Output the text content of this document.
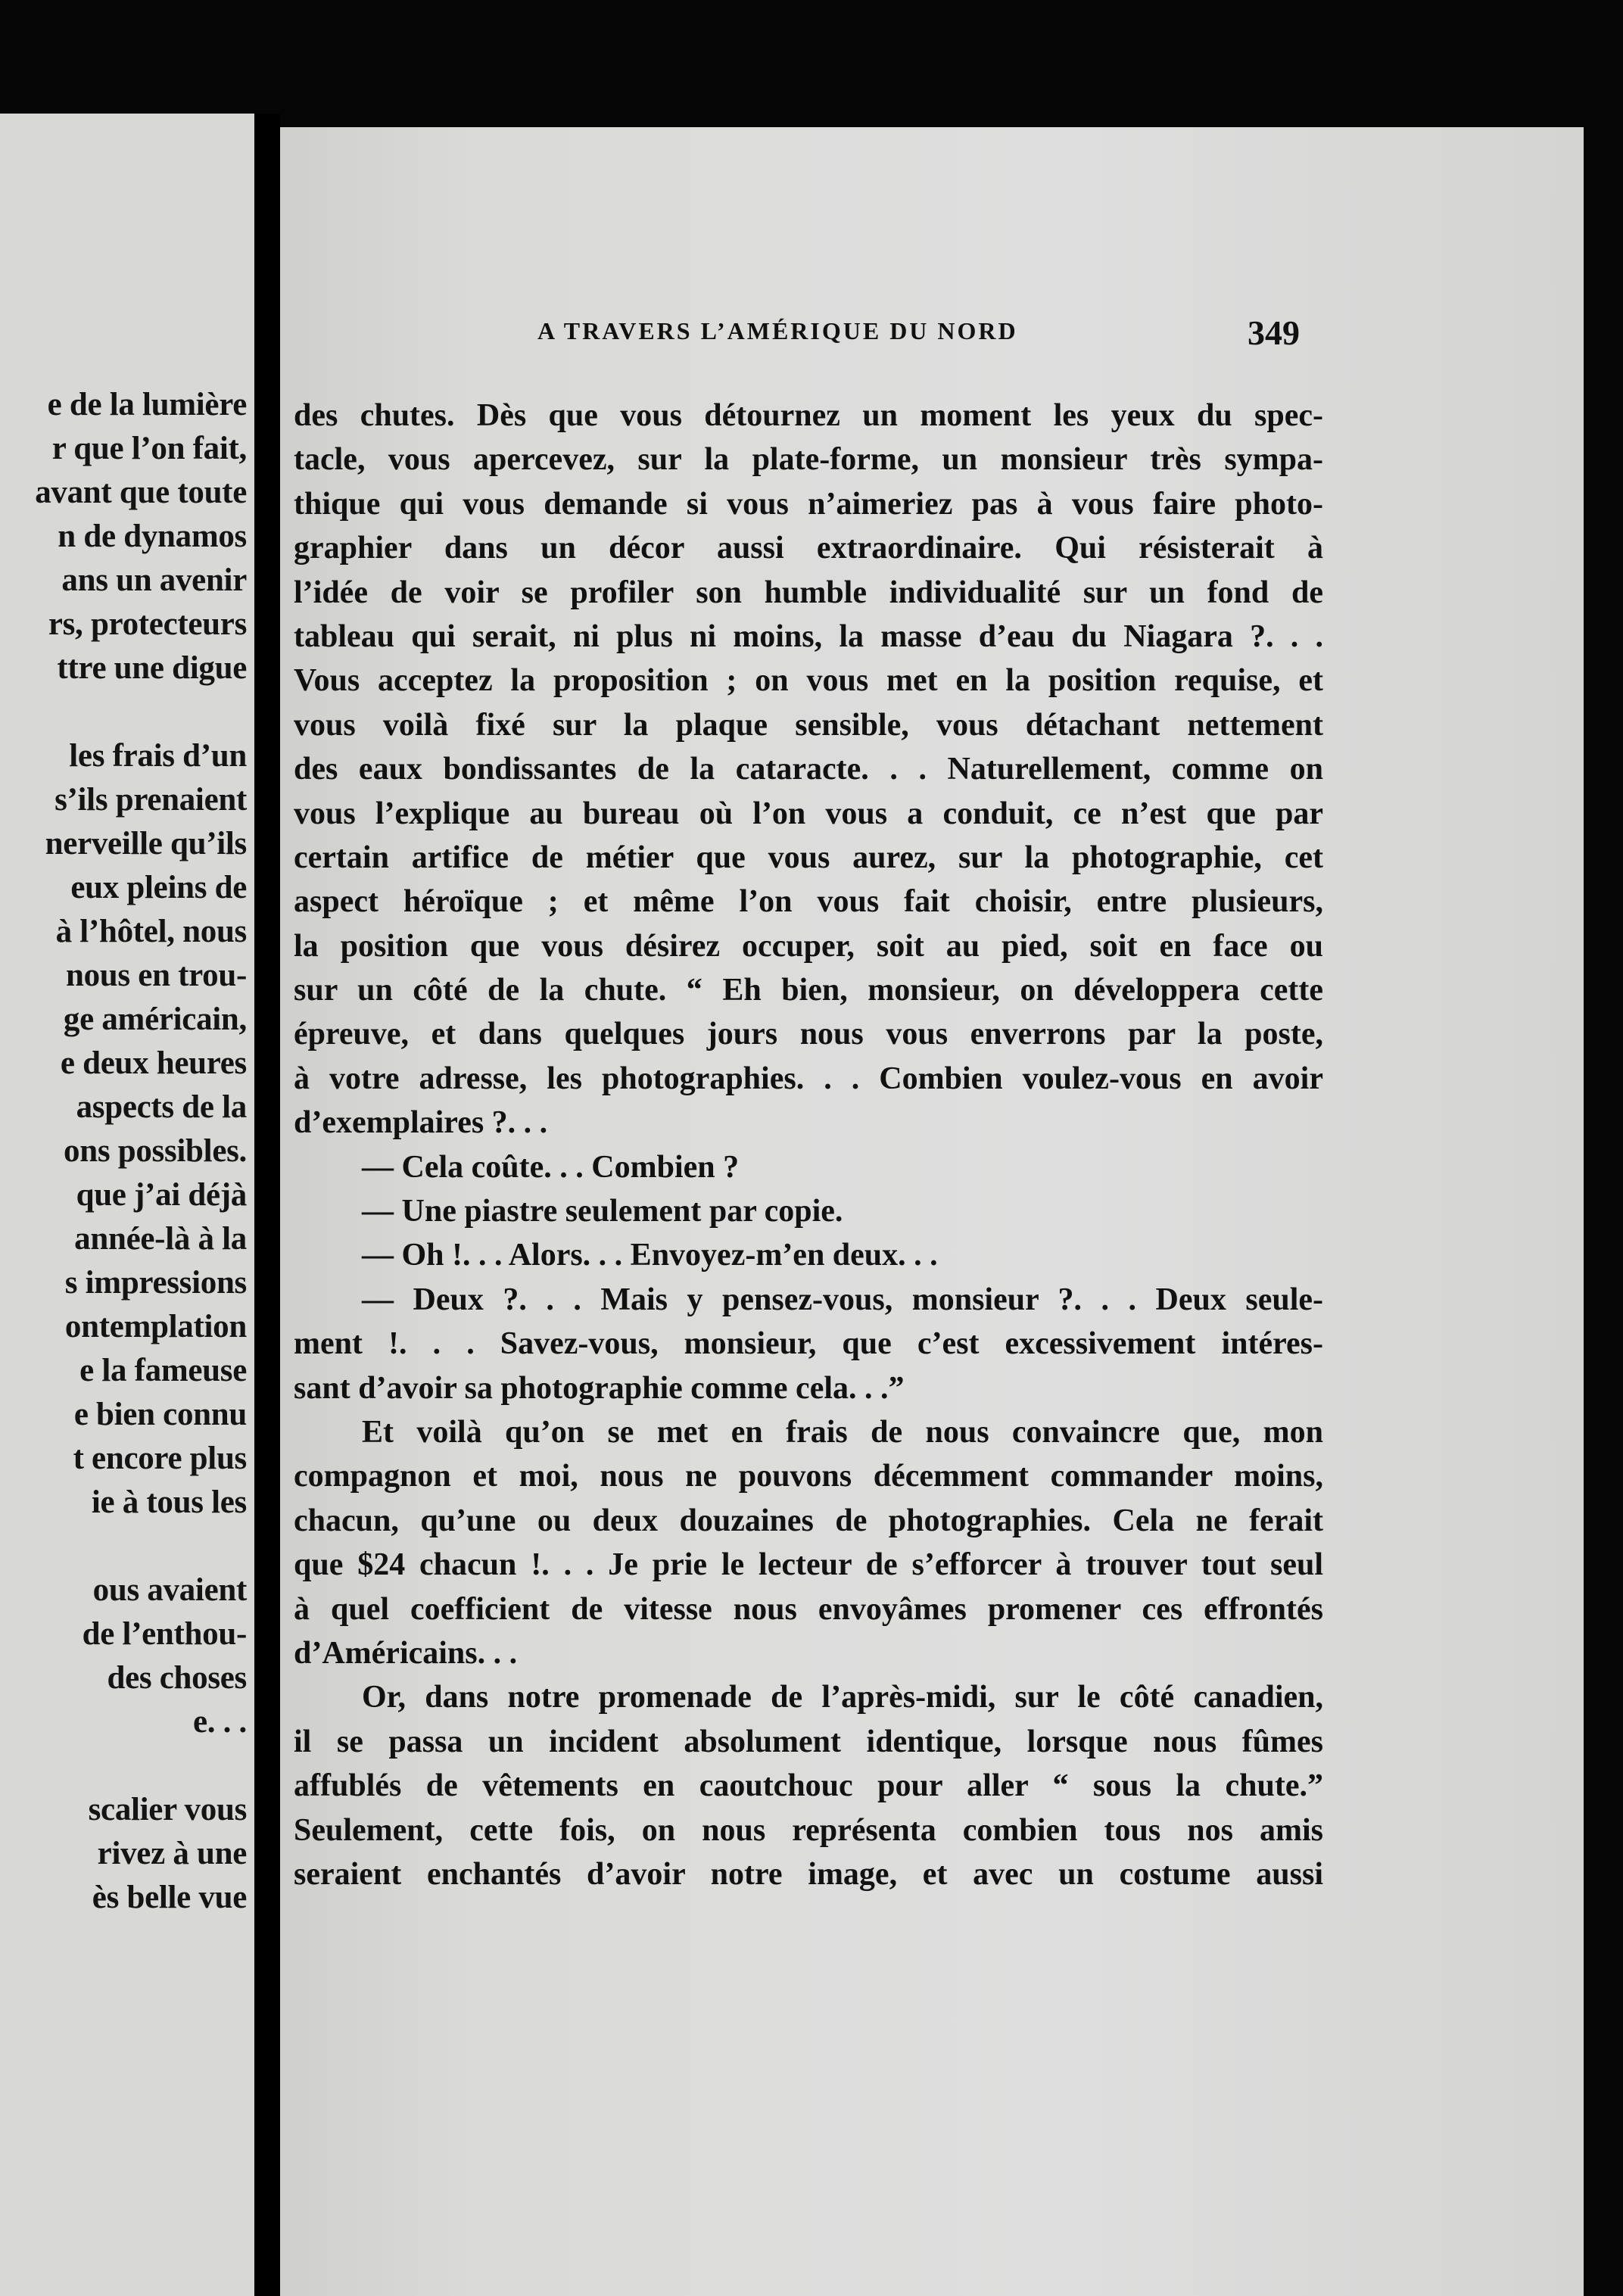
e de la lumière
r que l’on fait,
avant que toute
n de dynamos
ans un avenir
rs, protecteurs
ttre une digue

les frais d’un
s’ils prenaient
nerveille qu’ils
eux pleins de
à l’hôtel, nous
nous en trou-
ge américain,
e deux heures
aspects de la
ons possibles.
que j’ai déjà
année-là à la
s impressions
ontemplation
e la fameuse
e bien connu
t encore plus
ie à tous les

ous avaient
de l’enthou-
des choses
e. . .

scalier vous
rivez à une
ès belle vue
A TRAVERS L’AMÉRIQUE DU NORD	349
des chutes. Dès que vous détournez un moment les yeux du spec-
tacle, vous apercevez, sur la plate-forme, un monsieur très sympa-
thique qui vous demande si vous n’aimeriez pas à vous faire photo-
graphier dans un décor aussi extraordinaire. Qui résisterait à
l’idée de voir se profiler son humble individualité sur un fond de
tableau qui serait, ni plus ni moins, la masse d’eau du Niagara ?. . .
Vous acceptez la proposition ; on vous met en la position requise, et
vous voilà fixé sur la plaque sensible, vous détachant nettement
des eaux bondissantes de la cataracte. . . Naturellement, comme on
vous l’explique au bureau où l’on vous a conduit, ce n’est que par
certain artifice de métier que vous aurez, sur la photographie, cet
aspect héroïque ; et même l’on vous fait choisir, entre plusieurs,
la position que vous désirez occuper, soit au pied, soit en face ou
sur un côté de la chute. “ Eh bien, monsieur, on développera cette
épreuve, et dans quelques jours nous vous enverrons par la poste,
à votre adresse, les photographies. . . Combien voulez-vous en avoir
d’exemplaires ?. . .
— Cela coûte. . . Combien ?
— Une piastre seulement par copie.
— Oh !. . . Alors. . . Envoyez-m’en deux. . .
— Deux ?. . . Mais y pensez-vous, monsieur ?. . . Deux seule-
ment !. . . Savez-vous, monsieur, que c’est excessivement intéres-
sant d’avoir sa photographie comme cela. . .”
Et voilà qu’on se met en frais de nous convaincre que, mon
compagnon et moi, nous ne pouvons décemment commander moins,
chacun, qu’une ou deux douzaines de photographies. Cela ne ferait
que $24 chacun !. . . Je prie le lecteur de s’efforcer à trouver tout seul
à quel coefficient de vitesse nous envoyâmes promener ces effrontés
d’Américains. . .
Or, dans notre promenade de l’après-midi, sur le côté canadien,
il se passa un incident absolument identique, lorsque nous fûmes
affublés de vêtements en caoutchouc pour aller “ sous la chute.”
Seulement, cette fois, on nous représenta combien tous nos amis
seraient enchantés d’avoir notre image, et avec un costume aussi
